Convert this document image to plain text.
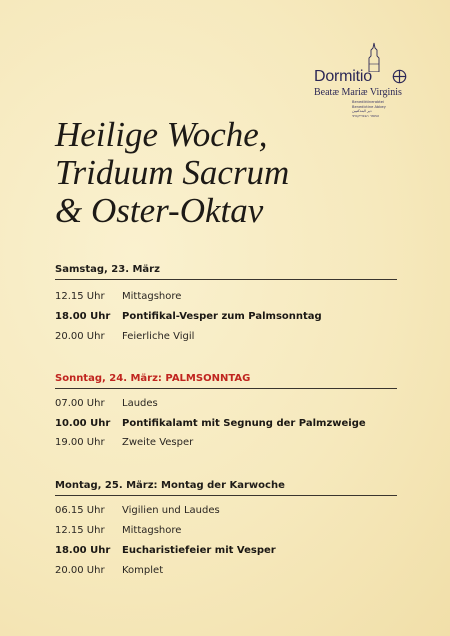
Dormitio
Beatæ Mariæ Virginis
Benediktinerabtei
Benedictine Abbey
دير البندكتيين
המנזר הבנדיקטיני
Heilige Woche,
Triduum Sacrum
& Oster-Oktav
Samstag, 23. März
12.15 Uhr	Mittagshore
18.00 Uhr	Pontifikal-Vesper zum Palmsonntag
20.00 Uhr	Feierliche Vigil
Sonntag, 24. März: PALMSONNTAG
07.00 Uhr	Laudes
10.00 Uhr	Pontifikalamt mit Segnung der Palmzweige
19.00 Uhr	Zweite Vesper
Montag, 25. März: Montag der Karwoche
06.15 Uhr	Vigilien und Laudes
12.15 Uhr	Mittagshore
18.00 Uhr	Eucharistiefeier mit Vesper
20.00 Uhr	Komplet
